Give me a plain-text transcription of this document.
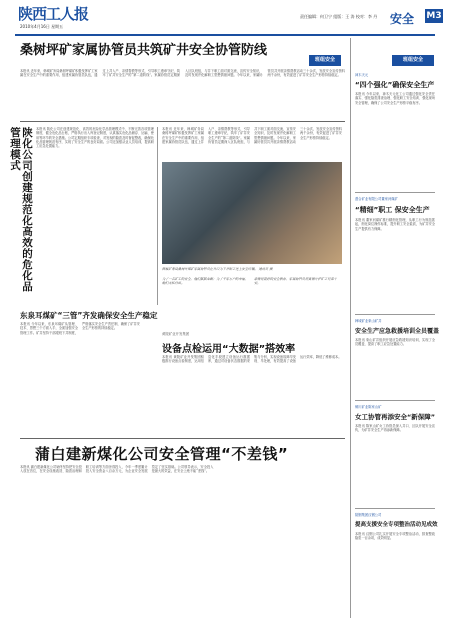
陕西工人报
2010年4月16日 星期五
责任编辑：何卫宁 组版：王 涛 校对：李 丹 安全 M3
桑树坪矿家属协管员共筑矿井安全协管防线
班组安全
本报讯 近年来，韩城矿务局桑树坪煤矿积极发挥矿工家属在安全生产中的重要作用，组建家属协管员队伍，通过上井入户、亲情帮教等形式，引导职工遵章守纪，筑牢了矿井安全生产的“第二道防线”。家属协管员定期深入区队班组，与井下职工面对面交流，宣传安全知识，及时发现并化解职工思想情绪问题。今年以来，家属协管员共开展亲情帮教活动三十余次，发放安全宣传资料两千余份，有效促进了矿井安全生产形势持续稳定。
陕化公司创建规范化高效的危化品管理模式	本报讯 陕化公司在创建规范化、高效的危险化学品管理模式中，不断完善各项管理制度，健全危化品台账，严格执行出入库登记制度，认真落实危化品储存、运输、使用等环节的安全措施。公司定期组织专项检查，对发现的隐患及时督促整改，确保危化品管理规范有序，实现了安全生产的良好局面。公司还加强从业人员培训，提高职工应急处置能力。
东泉耳煤矿“三管”齐发确保安全生产稳定
本报讯 今年以来，东泉耳煤矿从管理、技术、思想三个方面入手，全面加强安全管理工作。矿井坚持干部跟班下井制度，严格落实安全生产责任制，确保了矿井安全生产形势的持续稳定。
本报讯 近年来，韩城矿务局桑树坪煤矿积极发挥矿工家属在安全生产中的重要作用，组建家属协管员队伍，通过上井入户、亲情帮教等形式，引导职工遵章守纪，筑牢了矿井安全生产的“第二道防线”。家属协管员定期深入区队班组，与井下职工面对面交流，宣传安全知识，及时发现并化解职工思想情绪问题。今年以来，家属协管员共开展亲情帮教活动三十余次，发放安全宣传资料两千余份，有效促进了矿井安全生产形势持续稳定。
韩城矿务局桑树坪煤矿家属协管员在井口为下井职工送上安全叮嘱。 通讯员 摄
为了一名矿工的安全，他们默默奉献；为了千家万户的幸福，她们无私付出。
亲情是最好的安全教育，家属协管员用真情守护矿工兄弟平安。
黄陵矿业开发集团
设备点检运用“大数据”搭效率
本报讯 黄陵矿业开发集团积极推行设备点检制度，运用信息化手段建立设备运行数据库，通过对设备状态数据的采集与分析，实现设备故障早发现、早处理，有效提高了设备运行效率，降低了维修成本。
蒲白建新煤化公司安全管理“不差钱”
本报讯 蒲白建新煤化公司始终坚持把安全投入放在首位，在安全设施改造、隐患治理和职工培训等方面舍得投入，今年一季度累计投入安全资金八百余万元，为企业安全发展奠定了坚实基础。公司领导表示，安全投入是最大的效益，在安全上绝不能“差钱”。
班组安全
神木天元
“四个强化”确保安全生产
本报讯 今年以来，神木天元化工公司通过强化安全责任落实、强化隐患排查治理、强化职工安全培训、强化现场安全管理，确保了公司安全生产形势平稳有序。
澄合矿业有限公司董家河煤矿
“精细”职工 保安全生产
本报讯 董家河煤矿推行精细化管理，从职工行为规范抓起，细化岗位操作标准，提升职工安全素质，为矿井安全生产提供有力保障。
韩城矿业象山矿井
安全生产应急救援培训全员覆盖
本报讯 象山矿井组织开展应急救援知识培训，实现了全员覆盖，提高了职工应急处置能力。
铜川矿业陈家山矿
女工协管再添安全“新保障”
本报讯 陈家山矿女工协管员深入井口、区队开展安全宣传，为矿井安全生产再添新保障。
陕钢集团汉钢公司
提高支援安全专项整治活动见成效
本报讯 汉钢公司扎实开展安全专项整治活动，排查整改隐患一百余项，成效明显。
